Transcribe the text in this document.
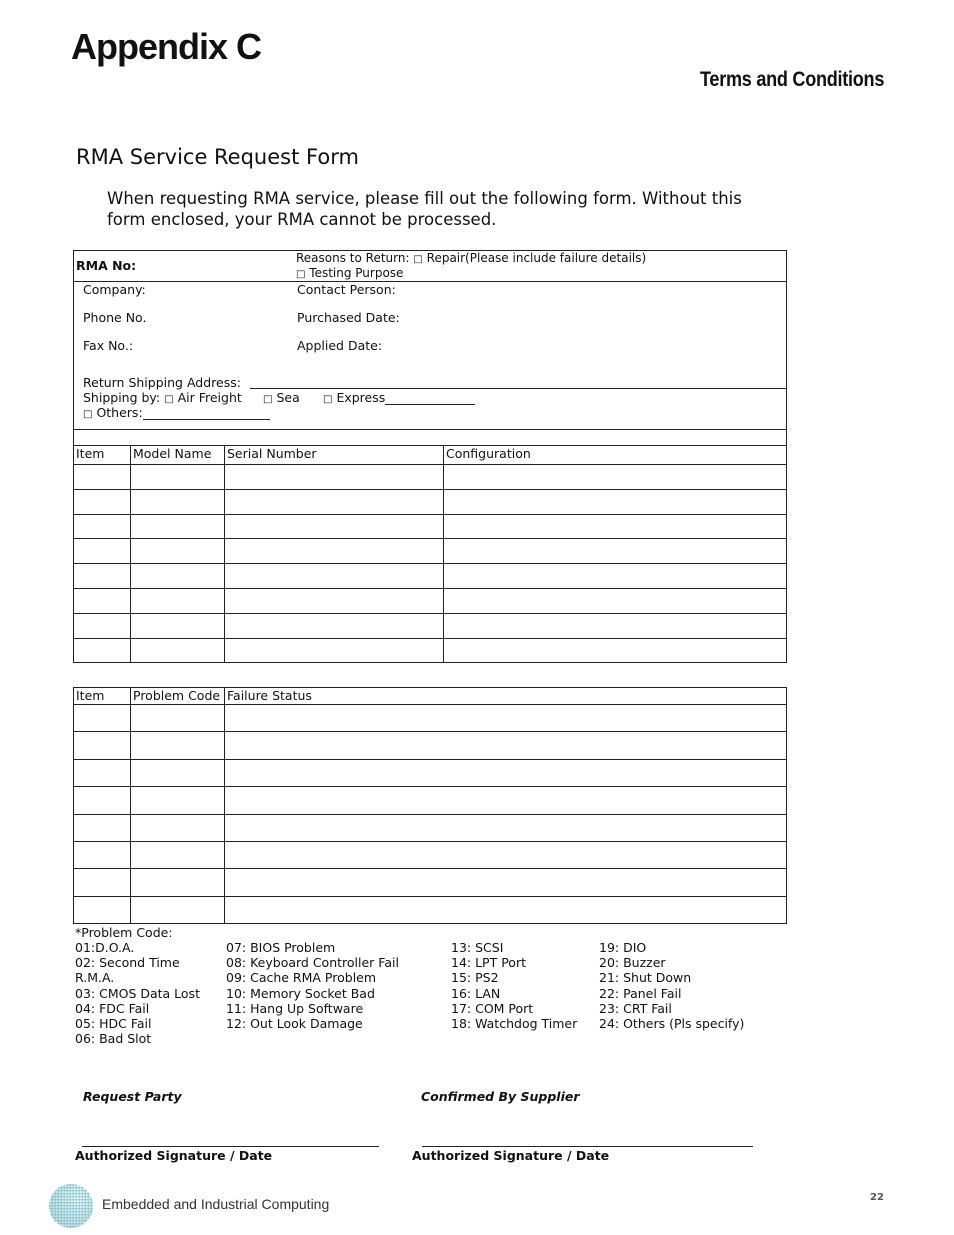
Appendix C
Terms and Conditions
RMA Service Request Form
When requesting RMA service, please fill out the following form. Without this form enclosed, your RMA cannot be processed.
RMA No:	Reasons to Return: □ Repair(Please include failure details)
□ Testing Purpose
Company:	Contact Person:
Phone No.	Purchased Date:
Fax No.:	Applied Date:
Return Shipping Address:
Shipping by: □ Air Freight □ Sea □ Express
□ Others:
Item	Model Name	Serial Number	Configuration

Item	Problem Code	Failure Status

*Problem Code:
01:D.O.A.
02: Second Time
R.M.A.
03: CMOS Data Lost
04: FDC Fail
05: HDC Fail
06: Bad Slot
07: BIOS Problem
08: Keyboard Controller Fail
09: Cache RMA Problem
10: Memory Socket Bad
11: Hang Up Software
12: Out Look Damage
13: SCSI
14: LPT Port
15: PS2
16: LAN
17: COM Port
18: Watchdog Timer
19: DIO
20: Buzzer
21: Shut Down
22: Panel Fail
23: CRT Fail
24: Others (Pls specify)
Request Party	Confirmed By Supplier
Authorized Signature / Date	Authorized Signature / Date
Embedded and Industrial Computing	22
